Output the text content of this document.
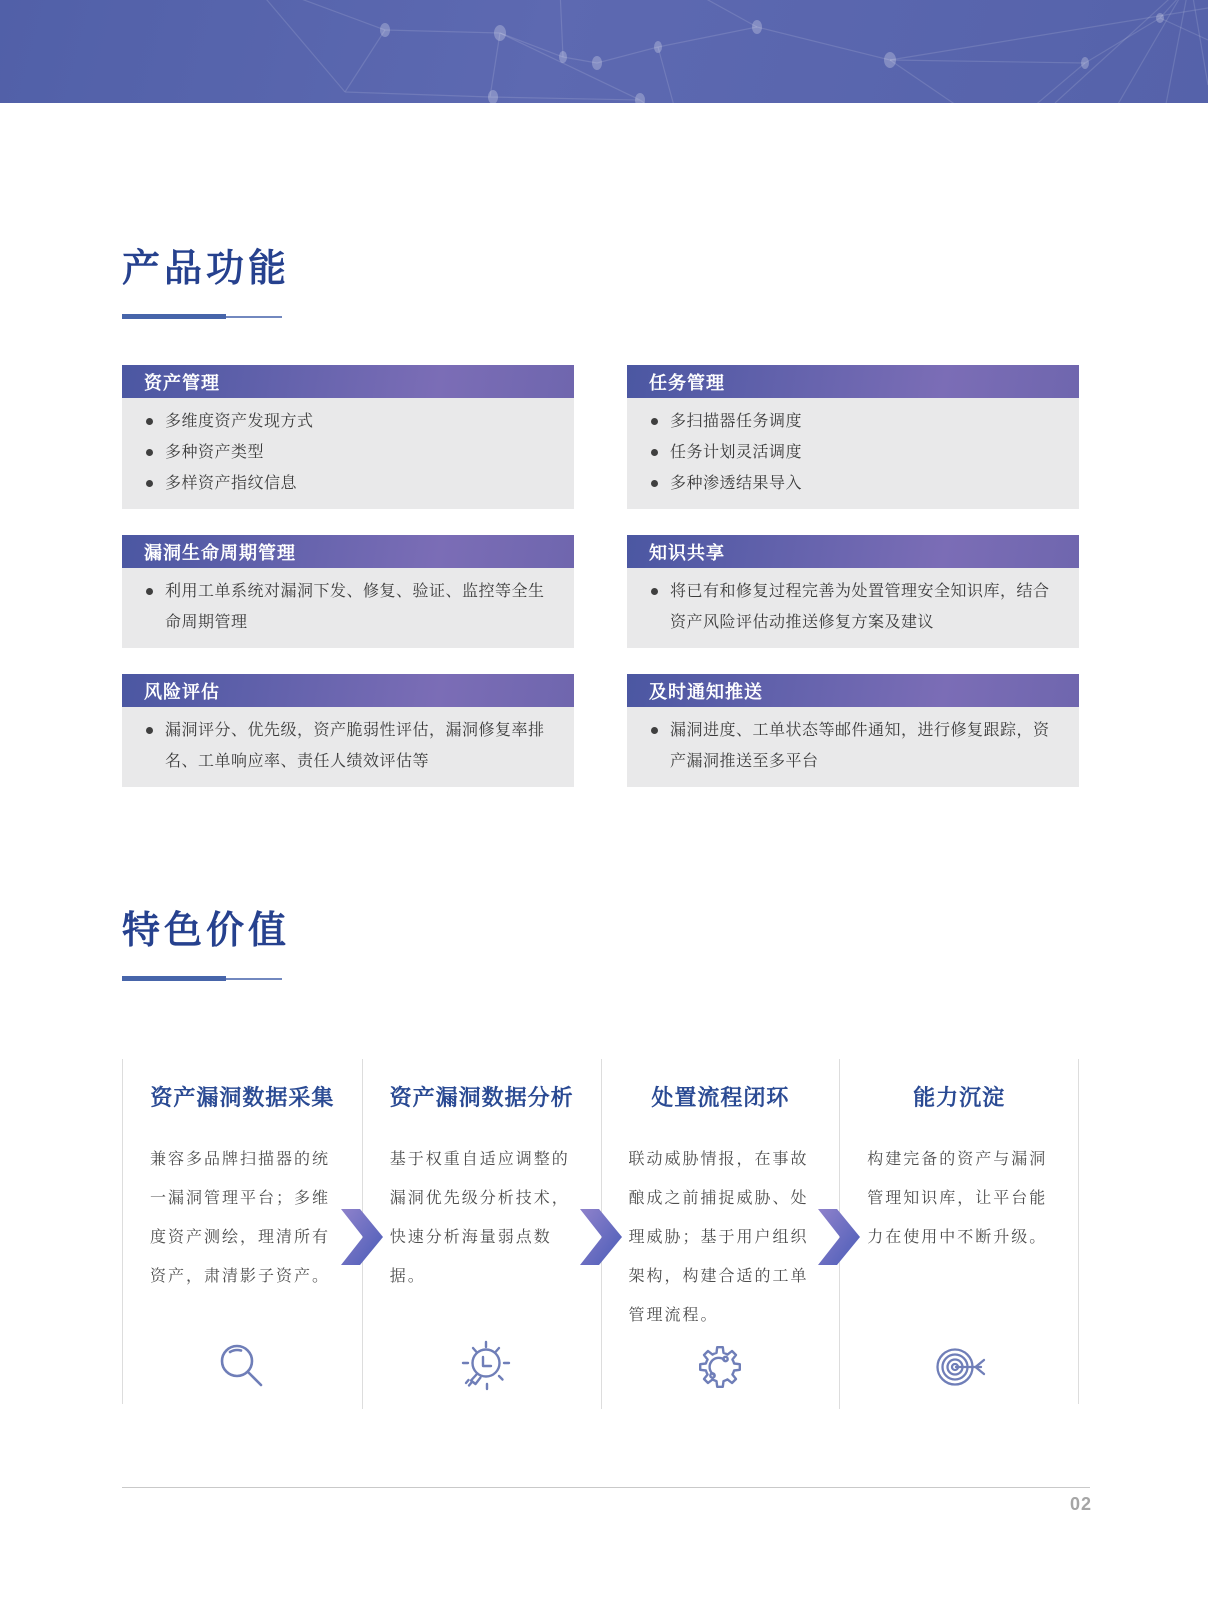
产品功能
资产管理
多维度资产发现方式
多种资产类型
多样资产指纹信息
任务管理
多扫描器任务调度
任务计划灵活调度
多种渗透结果导入
漏洞生命周期管理
利用工单系统对漏洞下发、修复、验证、监控等全生命周期管理
知识共享
将已有和修复过程完善为处置管理安全知识库，结合资产风险评估动推送修复方案及建议
风险评估
漏洞评分、优先级，资产脆弱性评估，漏洞修复率排名、工单响应率、责任人绩效评估等
及时通知推送
漏洞进度、工单状态等邮件通知，进行修复跟踪，资产漏洞推送至多平台
特色价值
资产漏洞数据采集

兼容多品牌扫描器的统一漏洞管理平台；多维度资产测绘，理清所有资产，肃清影子资产。

资产漏洞数据分析

基于权重自适应调整的漏洞优先级分析技术，快速分析海量弱点数据。

处置流程闭环

联动威胁情报，在事故酿成之前捕捉威胁、处理威胁；基于用户组织架构，构建合适的工单管理流程。

能力沉淀

构建完备的资产与漏洞管理知识库，让平台能力在使用中不断升级。

02
